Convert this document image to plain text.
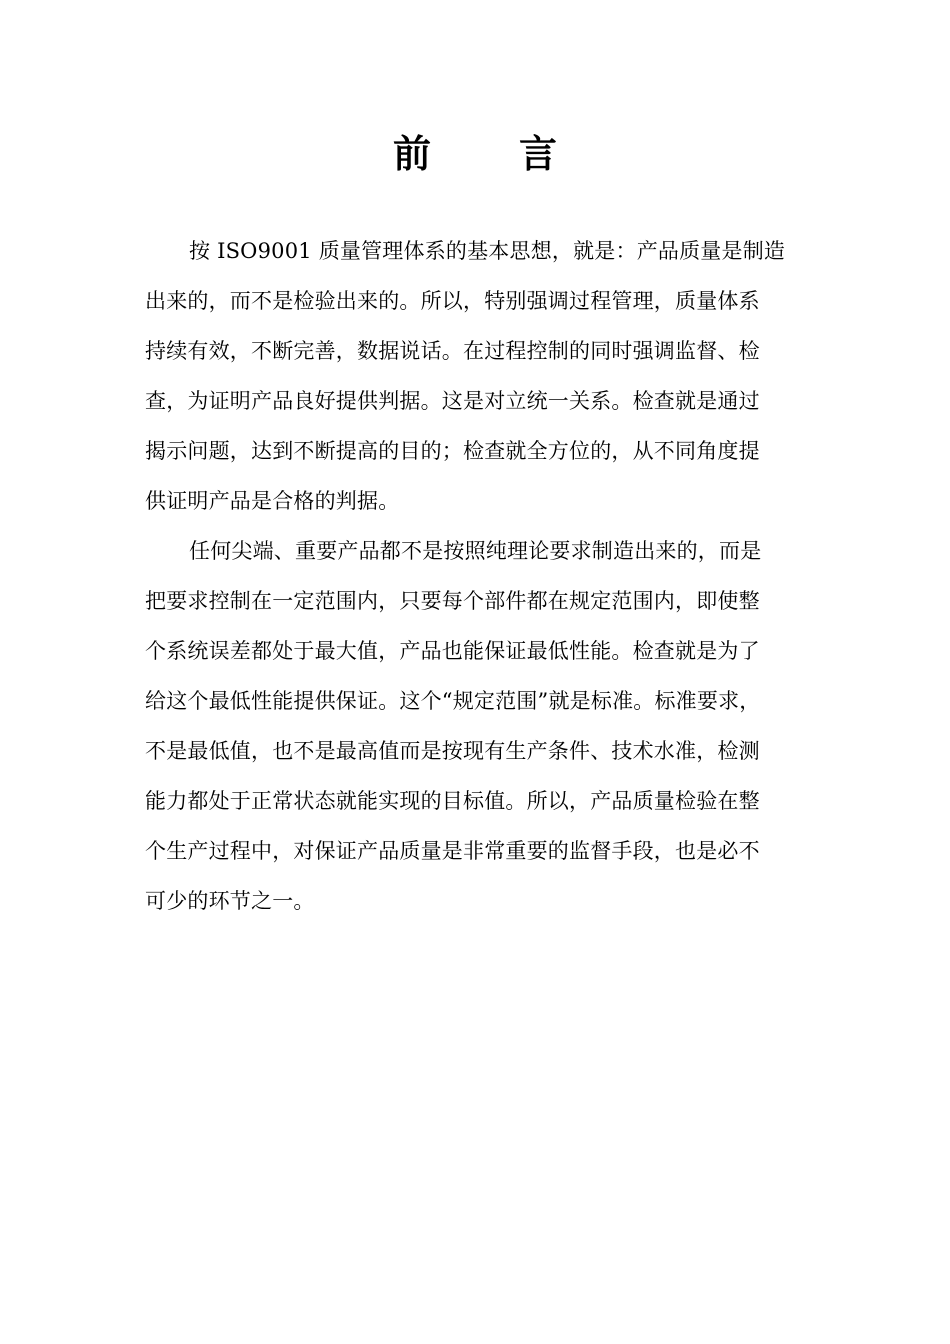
前 言
按 ISO9001 质量管理体系的基本思想，就是：产品质量是制造
出来的，而不是检验出来的。所以，特别强调过程管理，质量体系
持续有效，不断完善，数据说话。在过程控制的同时强调监督、检
查，为证明产品良好提供判据。这是对立统一关系。检查就是通过
揭示问题，达到不断提高的目的；检查就全方位的，从不同角度提
供证明产品是合格的判据。
任何尖端、重要产品都不是按照纯理论要求制造出来的，而是
把要求控制在一定范围内，只要每个部件都在规定范围内，即使整
个系统误差都处于最大值，产品也能保证最低性能。检查就是为了
给这个最低性能提供保证。这个“规定范围”就是标准。标准要求，
不是最低值，也不是最高值而是按现有生产条件、技术水准，检测
能力都处于正常状态就能实现的目标值。所以，产品质量检验在整
个生产过程中，对保证产品质量是非常重要的监督手段，也是必不
可少的环节之一。
